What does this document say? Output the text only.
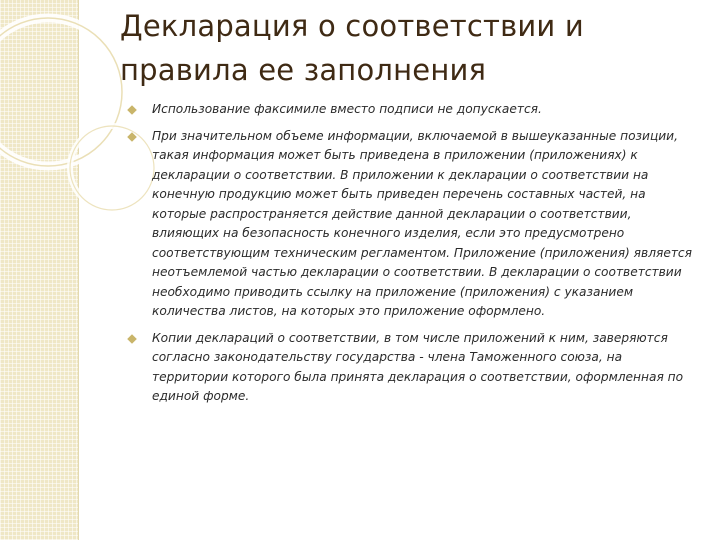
Декларация о соответствии и правила ее заполнения
Использование факсимиле вместо подписи не допускается.
При значительном объеме информации, включаемой в вышеуказанные позиции, такая информация может быть приведена в приложении (приложениях) к декларации о соответствии. В приложении к декларации о соответствии на конечную продукцию может быть приведен перечень составных частей, на которые распространяется действие данной декларации о соответствии, влияющих на безопасность конечного изделия, если это предусмотрено соответствующим техническим регламентом. Приложение (приложения) является неотъемлемой частью декларации о соответствии. В декларации о соответствии необходимо приводить ссылку на приложение (приложения) с указанием количества листов, на которых это приложение оформлено.
Копии деклараций о соответствии, в том числе приложений к ним, заверяются согласно законодательству государства - члена Таможенного союза, на территории которого была принята декларация о соответствии, оформленная по единой форме.
